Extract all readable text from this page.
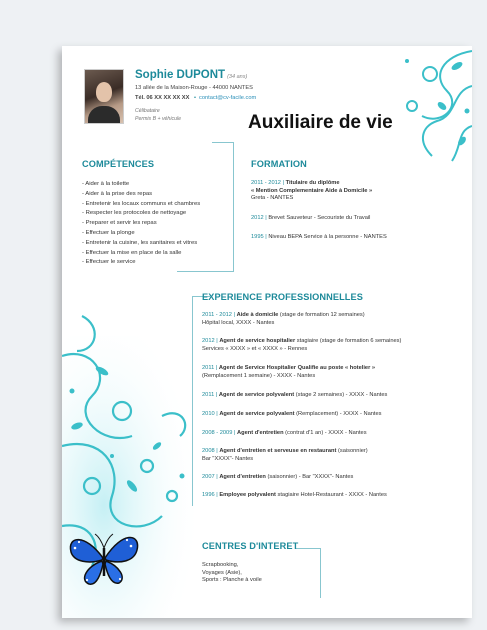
Sophie DUPONT (34 ans)
13 allée de la Maison-Rouge - 44000 NANTES
Tél. 06 XX XX XX XX • contact@cv-facile.com
Célibataire
Permis B + véhicule	Auxiliaire de vie
COMPÉTENCES
- Aider à la toilette
- Aider à la prise des repas
- Entretenir les locaux communs et chambres
- Respecter les protocoles de nettoyage
- Preparer et servir les repas
- Effectuer la plonge
- Entretenir la cuisine, les sanitaires et vitres
- Effectuer la mise en place de la salle
- Effectuer le service
FORMATION
2011 - 2012 | Titulaire du diplôme
« Mention Complementaire Aide à Domicile »
Greta - NANTES
2012 | Brevet Sauveteur - Secouriste du Travail
1995 | Niveau BEPA Service à la personne - NANTES
EXPERIENCE PROFESSIONNELLES
2011 - 2012 | Aide à domicile (stage de formation 12 semaines)
Hôpital local, XXXX - Nantes
2012 | Agent de service hospitalier stagiaire (stage de formation 6 semaines)
Services « XXXX » et « XXXX » - Rennes
2011 | Agent de Service Hospitalier Qualifie au poste « hotelier »
(Remplacement 1 semaine) - XXXX - Nantes
2011 | Agent de service polyvalent (stage 2 semaines) - XXXX - Nantes
2010 | Agent de service polyvalent (Remplacement) - XXXX - Nantes
2008 - 2009 | Agent d'entretien (contrat d'1 an) - XXXX - Nantes
2008 | Agent d'entretien et serveuse en restaurant (saisonnier)
Bar "XXXX"- Nantes
2007 | Agent d'entretien (saisonnier) - Bar "XXXX"- Nantes
1996 | Employee polyvalent stagiaire Hotel-Restaurant - XXXX - Nantes
CENTRES D'INTERET
Scrapbooking,
Voyages (Asie),
Sports : Planche à voile
